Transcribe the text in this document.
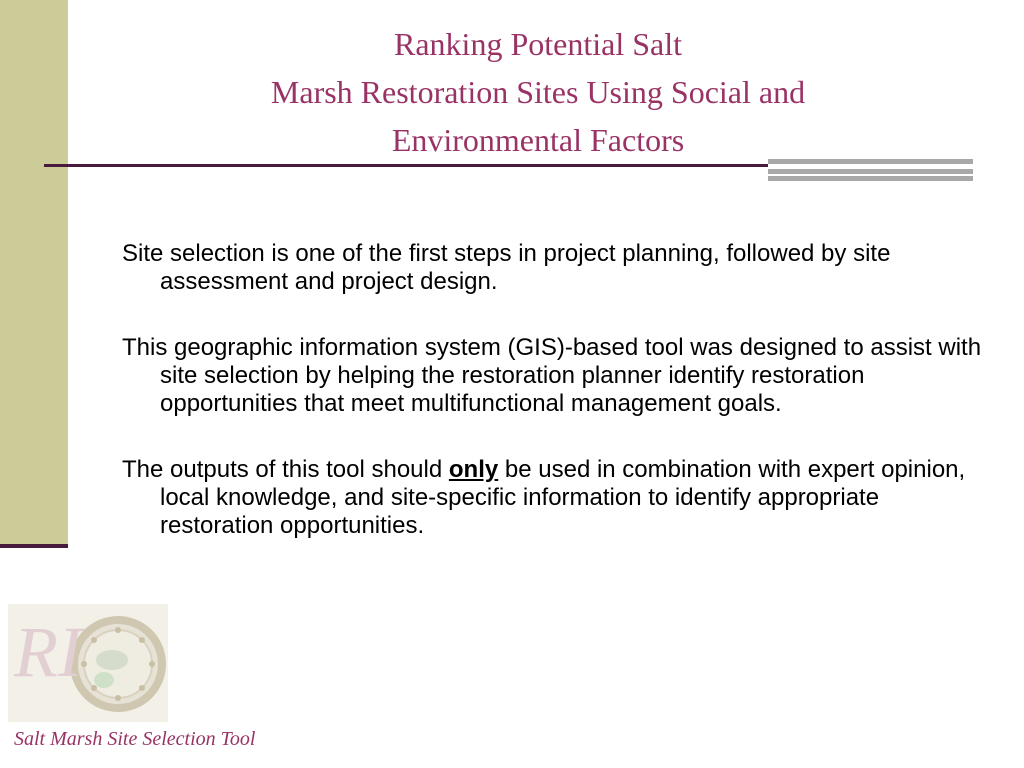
Ranking Potential Salt
Marsh Restoration Sites Using Social and
Environmental Factors

Site selection is one of the first steps in project planning, followed by site assessment and project design.

This geographic information system (GIS)-based tool was designed to assist with site selection by helping the restoration planner identify restoration opportunities that meet multifunctional management goals.

The outputs of this tool should only be used in combination with expert opinion, local knowledge, and site-specific information to identify appropriate restoration opportunities.

RI
Salt Marsh Site Selection Tool
